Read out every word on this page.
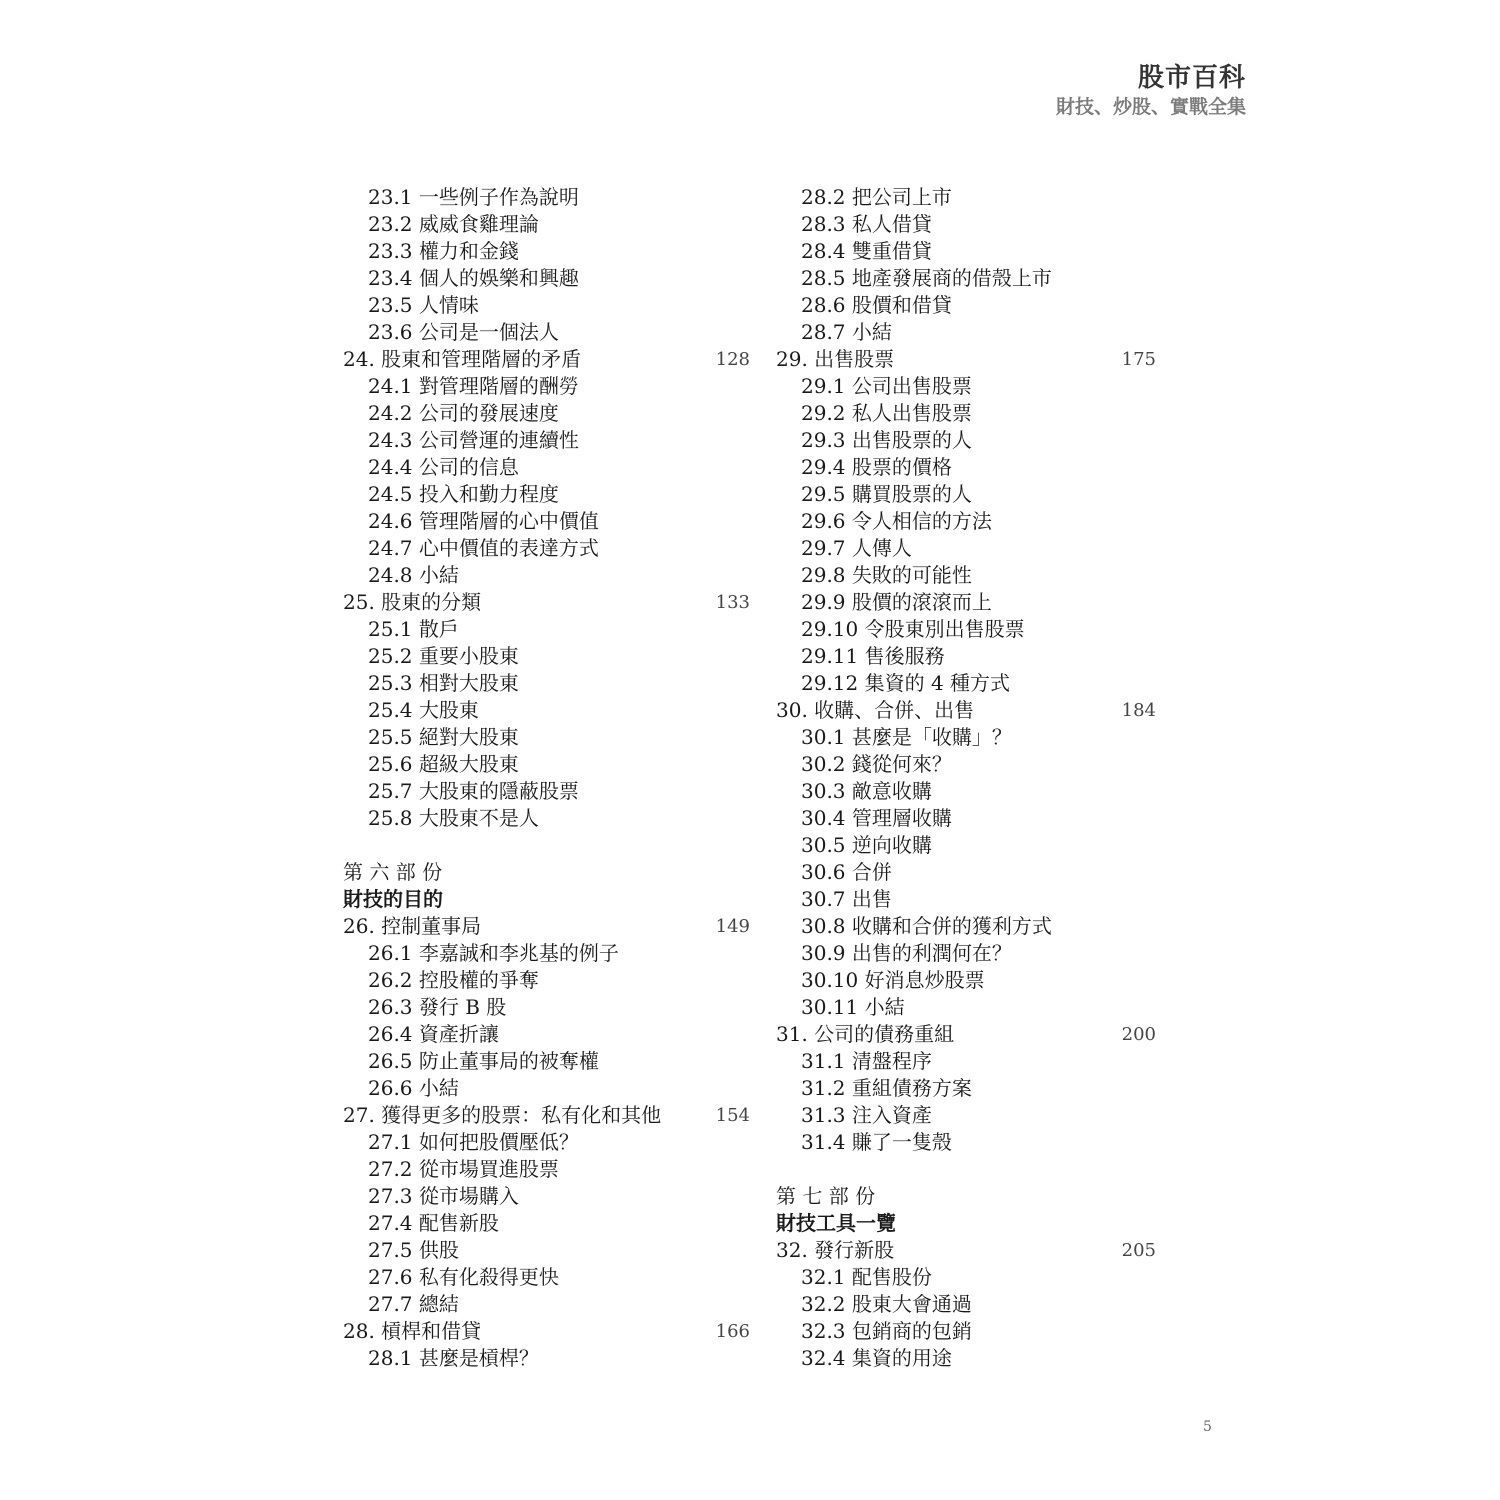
股市百科
財技、炒股、實戰全集
23.1 一些例子作為說明
23.2 威威食雞理論
23.3 權力和金錢
23.4 個人的娛樂和興趣
23.5 人情味
23.6 公司是一個法人
24. 股東和管理階層的矛盾	128
24.1 對管理階層的酬勞
24.2 公司的發展速度
24.3 公司營運的連續性
24.4 公司的信息
24.5 投入和勤力程度
24.6 管理階層的心中價值
24.7 心中價值的表達方式
24.8 小結
25. 股東的分類	133
25.1 散戶
25.2 重要小股東
25.3 相對大股東
25.4 大股東
25.5 絕對大股東
25.6 超級大股東
25.7 大股東的隱蔽股票
25.8 大股東不是人
第 六 部 份
財技的目的
26. 控制董事局	149
26.1 李嘉誠和李兆基的例子
26.2 控股權的爭奪
26.3 發行 B 股
26.4 資產折讓
26.5 防止董事局的被奪權
26.6 小結
27. 獲得更多的股票：私有化和其他	154
27.1 如何把股價壓低？
27.2 從市場買進股票
27.3 從市場購入
27.4 配售新股
27.5 供股
27.6 私有化殺得更快
27.7 總結
28. 槓桿和借貸	166
28.1 甚麼是槓桿？
28.2 把公司上市
28.3 私人借貸
28.4 雙重借貸
28.5 地產發展商的借殼上市
28.6 股價和借貸
28.7 小結
29. 出售股票	175
29.1 公司出售股票
29.2 私人出售股票
29.3 出售股票的人
29.4 股票的價格
29.5 購買股票的人
29.6 令人相信的方法
29.7 人傳人
29.8 失敗的可能性
29.9 股價的滾滾而上
29.10 令股東別出售股票
29.11 售後服務
29.12 集資的 4 種方式
30. 收購、合併、出售	184
30.1 甚麼是「收購」？
30.2 錢從何來？
30.3 敵意收購
30.4 管理層收購
30.5 逆向收購
30.6 合併
30.7 出售
30.8 收購和合併的獲利方式
30.9 出售的利潤何在？
30.10 好消息炒股票
30.11 小結
31. 公司的債務重組	200
31.1 清盤程序
31.2 重組債務方案
31.3 注入資產
31.4 賺了一隻殼
第 七 部 份
財技工具一覽
32. 發行新股	205
32.1 配售股份
32.2 股東大會通過
32.3 包銷商的包銷
32.4 集資的用途
5
